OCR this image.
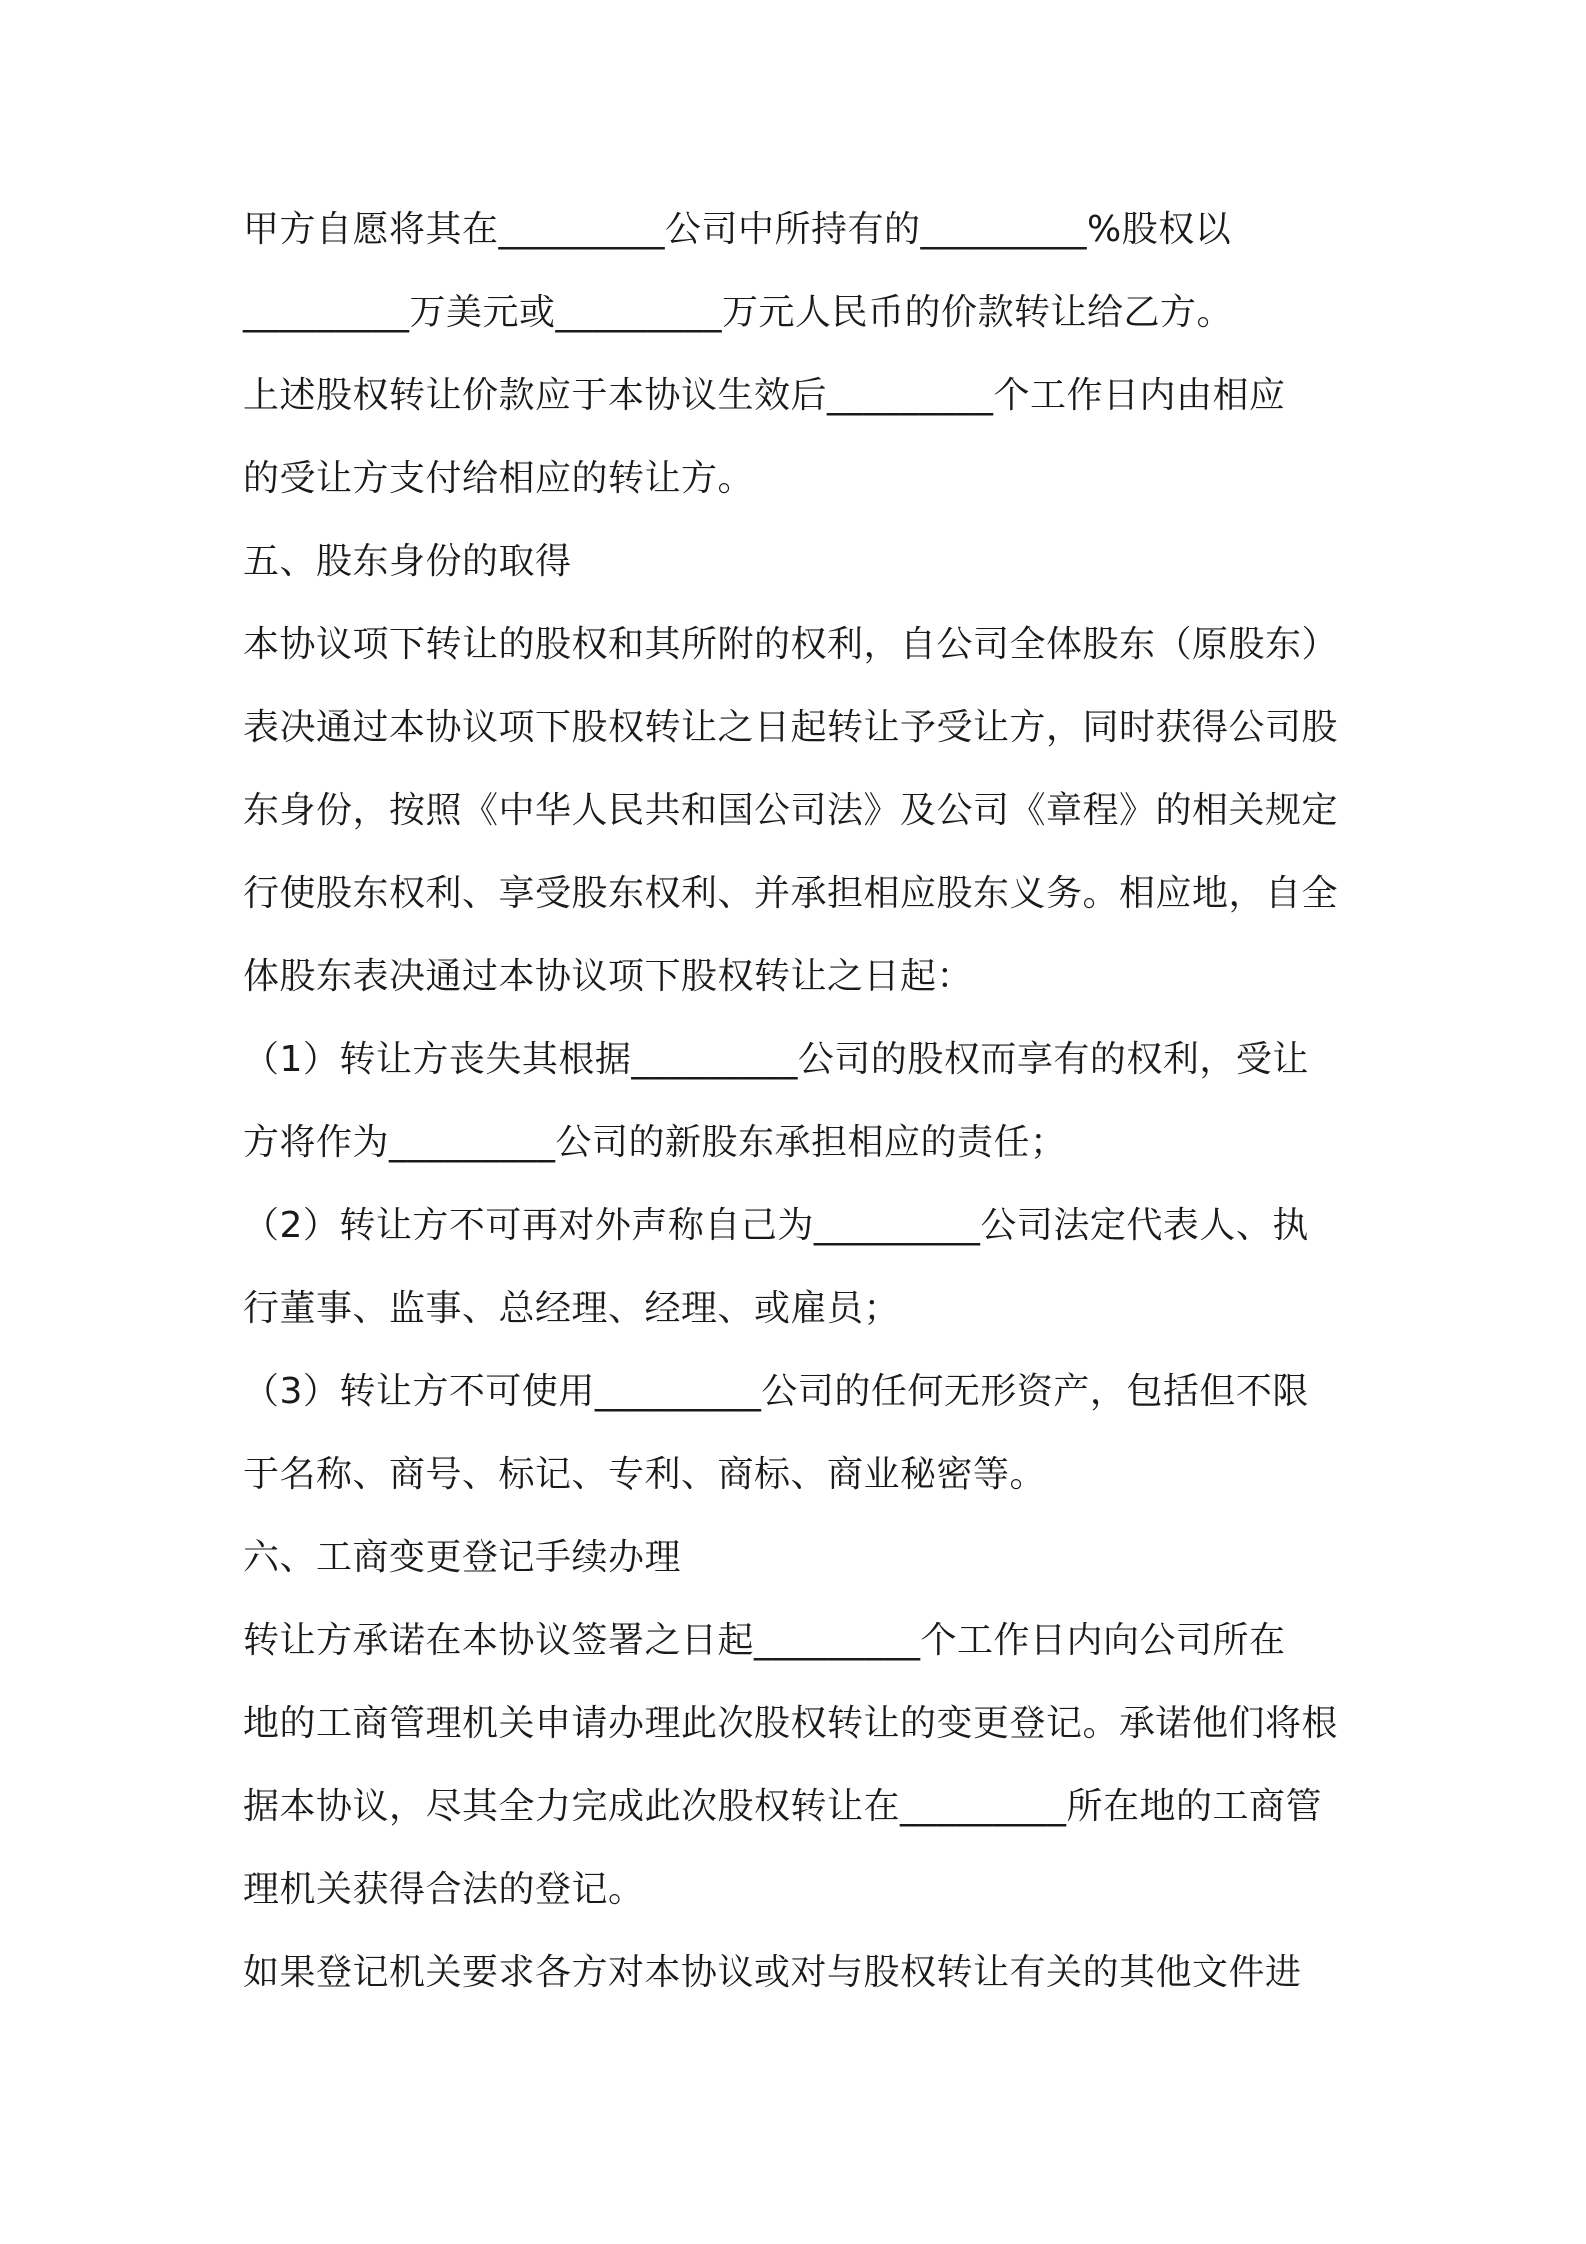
甲方自愿将其在_________公司中所持有的_________%股权以
_________万美元或_________万元人民币的价款转让给乙方。
上述股权转让价款应于本协议生效后_________个工作日内由相应
的受让方支付给相应的转让方。
五、股东身份的取得
本协议项下转让的股权和其所附的权利，自公司全体股东（原股东）
表决通过本协议项下股权转让之日起转让予受让方，同时获得公司股
东身份，按照《中华人民共和国公司法》及公司《章程》的相关规定
行使股东权利、享受股东权利、并承担相应股东义务。相应地，自全
体股东表决通过本协议项下股权转让之日起：
（1）转让方丧失其根据_________公司的股权而享有的权利，受让
方将作为_________公司的新股东承担相应的责任；
（2）转让方不可再对外声称自己为_________公司法定代表人、执
行董事、监事、总经理、经理、或雇员；
（3）转让方不可使用_________公司的任何无形资产，包括但不限
于名称、商号、标记、专利、商标、商业秘密等。
六、工商变更登记手续办理
转让方承诺在本协议签署之日起_________个工作日内向公司所在
地的工商管理机关申请办理此次股权转让的变更登记。承诺他们将根
据本协议，尽其全力完成此次股权转让在_________所在地的工商管
理机关获得合法的登记。
如果登记机关要求各方对本协议或对与股权转让有关的其他文件进
